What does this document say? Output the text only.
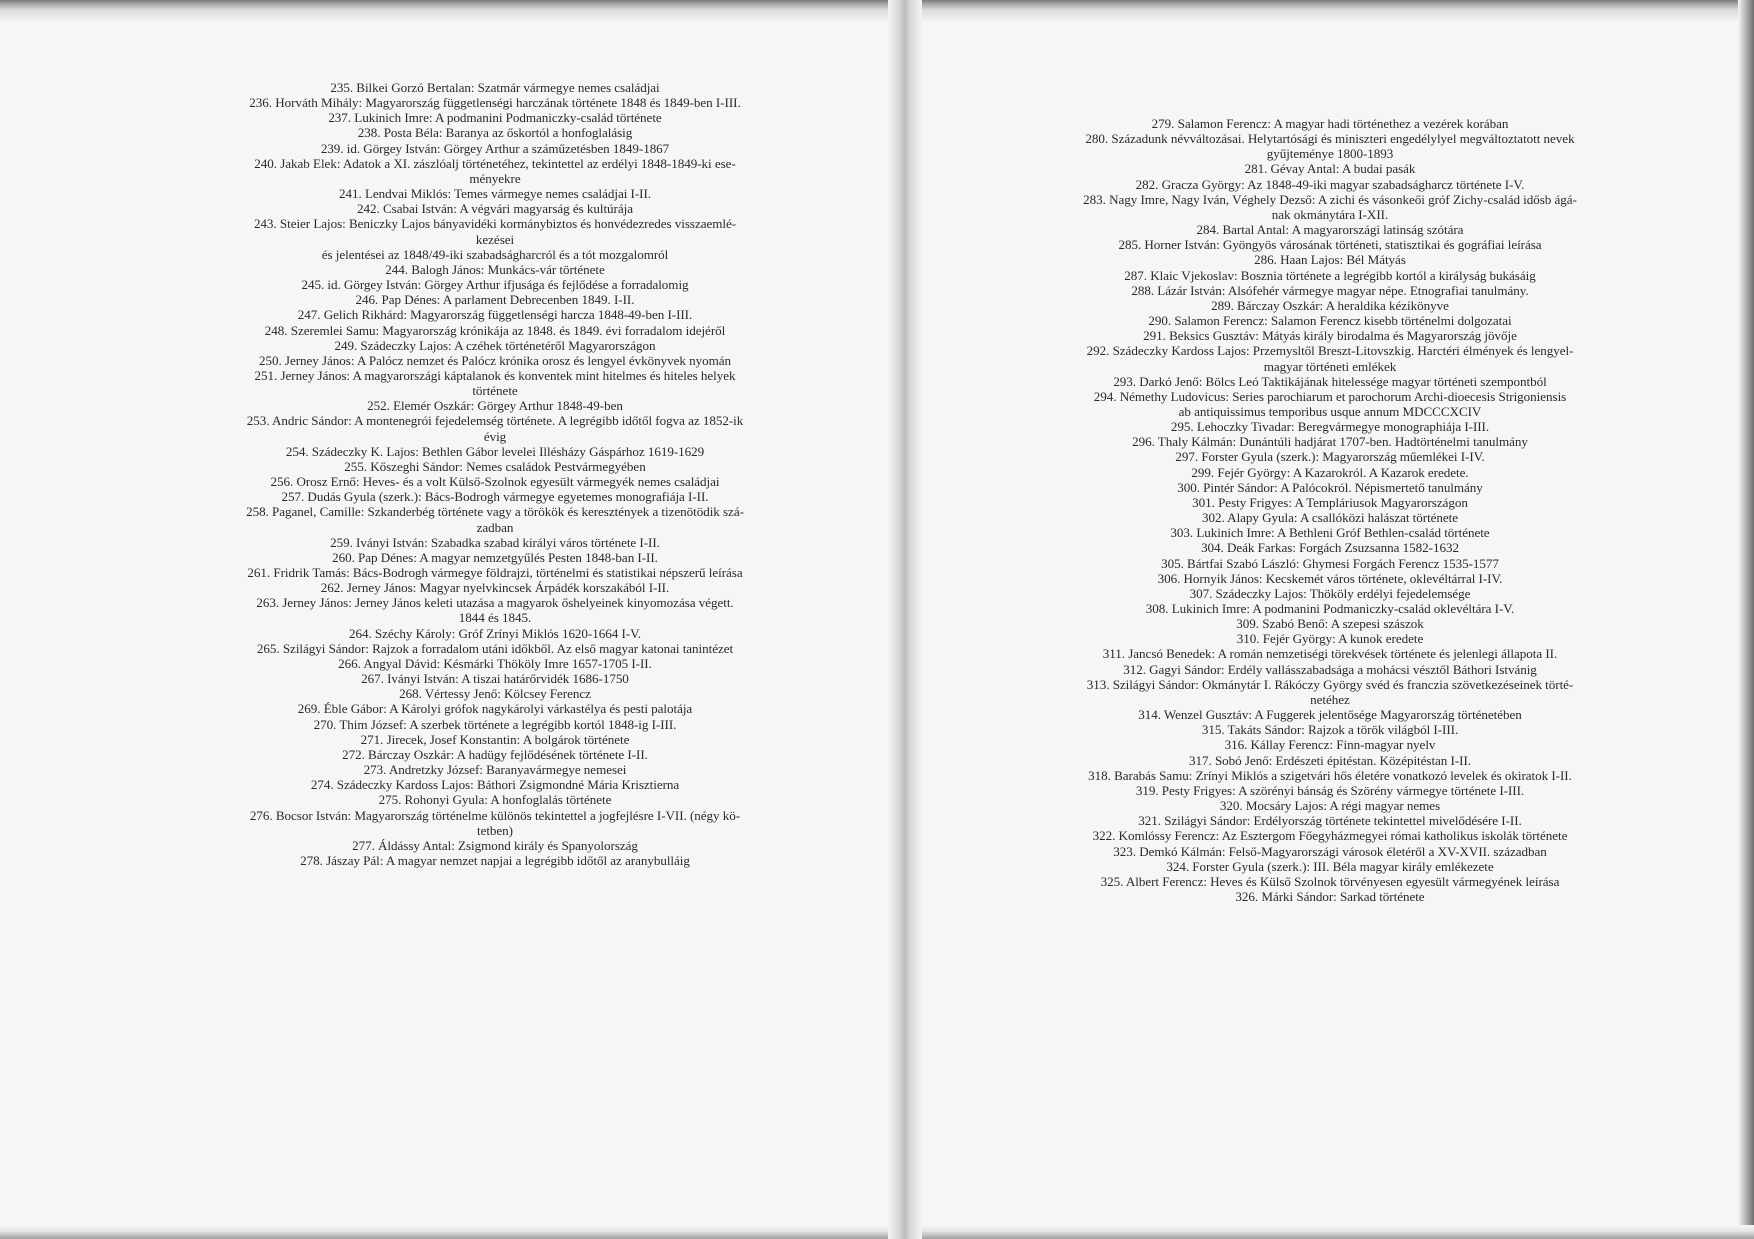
235. Bilkei Gorzó Bertalan: Szatmár vármegye nemes családjai

236. Horváth Mihály: Magyarország függetlenségi harczának története 1848 és 1849-ben I-III.

237. Lukinich Imre: A podmanini Podmaniczky-család története

238. Posta Béla: Baranya az őskortól a honfoglalásig

239. id. Görgey István: Görgey Arthur a száműzetésben 1849-1867

240. Jakab Elek: Adatok a XI. zászlóalj történetéhez, tekintettel az erdélyi 1848-1849-ki ese-
ményekre

241. Lendvai Miklós: Temes vármegye nemes családjai I-II.

242. Csabai István: A végvári magyarság és kultúrája

243. Steier Lajos: Beniczky Lajos bányavidéki kormánybiztos és honvédezredes visszaemlé-
kezései
és jelentései az 1848/49-iki szabadságharcról és a tót mozgalomról

244. Balogh János: Munkács-vár története

245. id. Görgey István: Görgey Arthur ifjusága és fejlődése a forradalomig

246. Pap Dénes: A parlament Debrecenben 1849. I-II.

247. Gelich Rikhárd: Magyarország függetlenségi harcza 1848-49-ben I-III.

248. Szeremlei Samu: Magyarország krónikája az 1848. és 1849. évi forradalom idejéről

249. Szádeczky Lajos: A czéhek történetéről Magyarországon

250. Jerney János: A Palócz nemzet és Palócz krónika orosz és lengyel évkönyvek nyomán

251. Jerney János: A magyarországi káptalanok és konventek mint hitelmes és hiteles helyek
története

252. Elemér Oszkár: Görgey Arthur 1848-49-ben

253. Andric Sándor: A montenegrói fejedelemség története. A legrégibb időtől fogva az 1852-ik
évig

254. Szádeczky K. Lajos: Bethlen Gábor levelei Illésházy Gáspárhoz 1619-1629

255. Kőszeghi Sándor: Nemes családok Pestvármegyében

256. Orosz Ernő: Heves- és a volt Külső-Szolnok egyesült vármegyék nemes családjai

257. Dudás Gyula (szerk.): Bács-Bodrogh vármegye egyetemes monografiája I-II.

258. Paganel, Camille: Szkanderbég története vagy a törökök és keresztények a tizenötödik szá-
zadban

259. Iványi István: Szabadka szabad királyi város története I-II.

260. Pap Dénes: A magyar nemzetgyűlés Pesten 1848-ban I-II.

261. Fridrik Tamás: Bács-Bodrogh vármegye földrajzi, történelmi és statistikai népszerű leírása

262. Jerney János: Magyar nyelvkincsek Árpádék korszakából I-II.

263. Jerney János: Jerney János keleti utazása a magyarok őshelyeinek kinyomozása végett.
1844 és 1845.

264. Széchy Károly: Gróf Zrínyi Miklós 1620-1664 I-V.

265. Szilágyi Sándor: Rajzok a forradalom utáni időkből. Az első magyar katonai tanintézet

266. Angyal Dávid: Késmárki Thököly Imre 1657-1705 I-II.

267. Iványi István: A tiszai határőrvidék 1686-1750

268. Vértessy Jenő: Kölcsey Ferencz

269. Éble Gábor: A Károlyi grófok nagykárolyi várkastélya és pesti palotája

270. Thim József: A szerbek története a legrégibb kortól 1848-ig I-III.

271. Jirecek, Josef Konstantin: A bolgárok története

272. Bárczay Oszkár: A hadügy fejlődésének története I-II.

273. Andretzky József: Baranyavármegye nemesei

274. Szádeczky Kardoss Lajos: Báthori Zsigmondné Mária Krisztierna

275. Rohonyi Gyula: A honfoglalás története

276. Bocsor István: Magyarország történelme különös tekintettel a jogfejlésre I-VII. (négy kö-
tetben)

277. Áldássy Antal: Zsigmond király és Spanyolország

278. Jászay Pál: A magyar nemzet napjai a legrégibb időtől az aranybulláig

279. Salamon Ferencz: A magyar hadi történethez a vezérek korában

280. Századunk névváltozásai. Helytartósági és miniszteri engedélylyel megváltoztatott nevek
gyűjteménye 1800-1893

281. Gévay Antal: A budai pasák

282. Gracza György: Az 1848-49-iki magyar szabadságharcz története I-V.

283. Nagy Imre, Nagy Iván, Véghely Dezső: A zichi és vásonkeői gróf Zichy-család idősb ágá-
nak okmánytára I-XII.

284. Bartal Antal: A magyarországi latinság szótára

285. Horner István: Gyöngyös városának történeti, statisztikai és gográfiai leírása

286. Haan Lajos: Bél Mátyás

287. Klaic Vjekoslav: Bosznia története a legrégibb kortól a királyság bukásáig

288. Lázár István: Alsófehér vármegye magyar népe. Etnografiai tanulmány.

289. Bárczay Oszkár: A heraldika kézikönyve

290. Salamon Ferencz: Salamon Ferencz kisebb történelmi dolgozatai

291. Beksics Gusztáv: Mátyás király birodalma és Magyarország jövője

292. Szádeczky Kardoss Lajos: Przemysltől Breszt-Litovszkig. Harctéri élmények és lengyel-
magyar történeti emlékek

293. Darkó Jenő: Bölcs Leó Taktikájának hitelessége magyar történeti szempontból

294. Némethy Ludovicus: Series parochiarum et parochorum Archi-dioecesis Strigoniensis
ab antiquissimus temporibus usque annum MDCCCXCIV

295. Lehoczky Tivadar: Beregvármegye monographiája I-III.

296. Thaly Kálmán: Dunántúli hadjárat 1707-ben. Hadtörténelmi tanulmány

297. Forster Gyula (szerk.): Magyarország műemlékei I-IV.

299. Fejér György: A Kazarokról. A Kazarok eredete.

300. Pintér Sándor: A Palócokról. Népismertető tanulmány

301. Pesty Frigyes: A Templáriusok Magyarországon

302. Alapy Gyula: A csallóközi halászat története

303. Lukinich Imre: A Bethleni Gróf Bethlen-család története

304. Deák Farkas: Forgách Zsuzsanna 1582-1632

305. Bártfai Szabó László: Ghymesi Forgách Ferencz 1535-1577

306. Hornyik János: Kecskemét város története, oklevéltárral I-IV.

307. Szádeczky Lajos: Thököly erdélyi fejedelemsége

308. Lukinich Imre: A podmanini Podmaniczky-család oklevéltára I-V.

309. Szabó Benő: A szepesi szászok

310. Fejér György: A kunok eredete

311. Jancsó Benedek: A román nemzetiségi törekvések története és jelenlegi állapota II.

312. Gagyi Sándor: Erdély vallásszabadsága a mohácsi vésztől Báthori Istvánig

313. Szilágyi Sándor: Okmánytár I. Rákóczy György svéd és franczia szövetkezéseinek törté-
netéhez

314. Wenzel Gusztáv: A Fuggerek jelentősége Magyarország történetében

315. Takáts Sándor: Rajzok a török világból I-III.

316. Kállay Ferencz: Finn-magyar nyelv

317. Sobó Jenő: Erdészeti épitéstan. Középitéstan I-II.

318. Barabás Samu: Zrínyi Miklós a szigetvári hős életére vonatkozó levelek és okiratok I-II.

319. Pesty Frigyes: A szörényi bánság és Szörény vármegye története I-III.

320. Mocsáry Lajos: A régi magyar nemes

321. Szilágyi Sándor: Erdélyország története tekintettel mivelődésére I-II.

322. Komlóssy Ferencz: Az Esztergom Főegyházmegyei római katholikus iskolák története

323. Demkó Kálmán: Felső-Magyarországi városok életéről a XV-XVII. században

324. Forster Gyula (szerk.): III. Béla magyar király emlékezete

325. Albert Ferencz: Heves és Külső Szolnok törvényesen egyesült vármegyének leírása

326. Márki Sándor: Sarkad története
